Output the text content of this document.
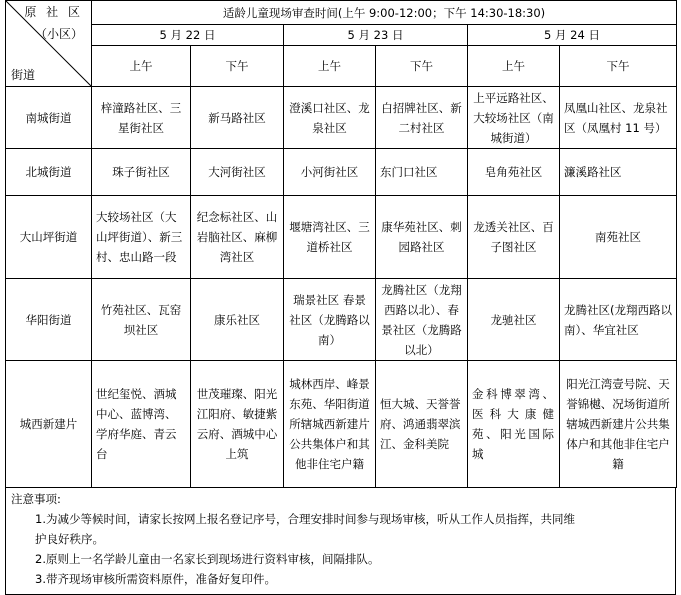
原 社 区
（小区）
街道	适龄儿童现场审查时间(上午 9:00-12:00；下午 14:30-18:30)					
	5 月 22 日		5 月 23 日		5 月 24 日	
	上午	下午	上午	下午	上午	下午
南城街道	梓潼路社区、三星街社区	新马路社区	澄溪口社区、龙泉社区	白招牌社区、新二村社区	上平远路社区、大较场社区（南城街道）	凤凰山社区、龙泉社区（凤凰村 11 号）
北城街道	珠子街社区	大河街社区	小河街社区	东门口社区	皂角苑社区	濂溪路社区
大山坪街道	大较场社区（大山坪街道）、新三村、忠山路一段	纪念标社区、山岩脑社区、麻柳湾社区	堰塘湾社区、三道桥社区	康华苑社区、刺园路社区	龙透关社区、百子图社区	南苑社区
华阳街道	竹苑社区、瓦窑坝社区	康乐社区	瑞景社区 春景社区（龙腾路以南）	龙腾社区（龙翔西路以北）、春景社区（龙腾路以北）	龙驰社区	龙腾社区(龙翔西路以南）、华宜社区
城西新建片	世纪玺悦、酒城中心、蓝博湾、学府华庭、青云台	世茂璀璨、阳光江阳府、敏捷紫云府、酒城中心上筑	城林西岸、峰景东苑、华阳街道所辖城西新建片公共集体户和其他非住宅户籍	恒大城、天誉誉府、鸿通翡翠滨江、金科美院	金科博翠湾、医科大康健苑、阳光国际城	阳光江湾壹号院、天誉锦樾、况场街道所辖城西新建片公共集体户和其他非住宅户籍
注意事项:
1.为减少等候时间，请家长按网上报名登记序号，合理安排时间参与现场审核，听从工作人员指挥，共同维
护良好秩序。
2.原则上一名学龄儿童由一名家长到现场进行资料审核，间隔排队。
3.带齐现场审核所需资料原件，准备好复印件。
